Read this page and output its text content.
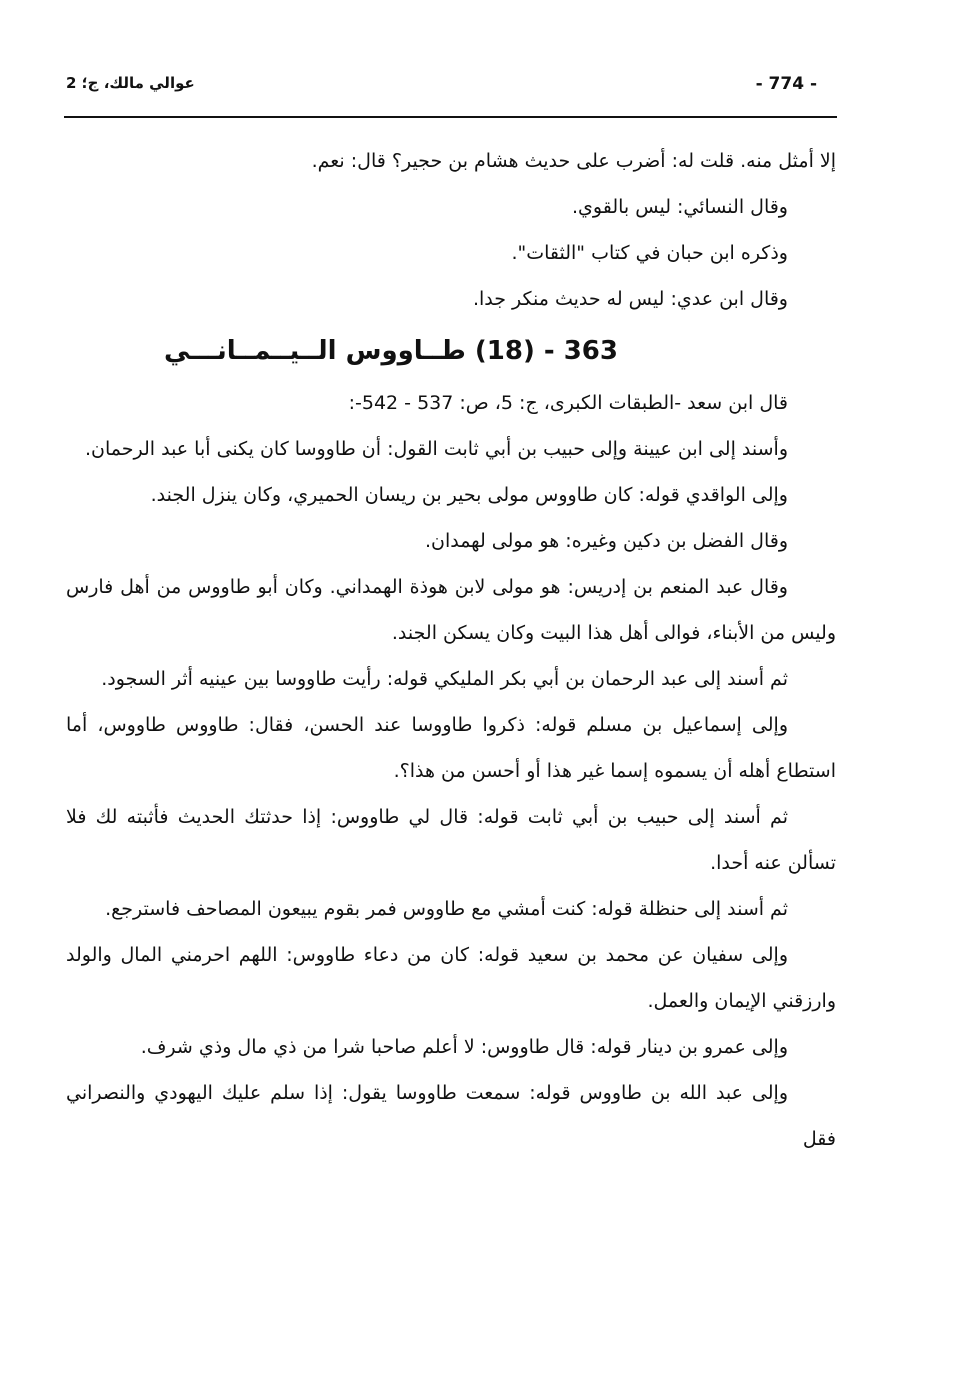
- 774 -
عوالي مالك، ج؛ 2

إلا أمثل منه. قلت له: أضرب على حديث هشام بن حجير؟ قال: نعم.

وقال النسائي: ليس بالقوي.

وذكره ابن حبان في كتاب "الثقات".

وقال ابن عدي: ليس له حديث منكر جدا.

363 - (18) طــاووس الــيــمــانـــي

قال ابن سعد -الطبقات الكبرى، ج: 5، ص: 537 - 542-:

وأسند إلى ابن عيينة وإلى حبيب بن أبي ثابت القول: أن طاووسا كان يكنى أبا عبد الرحمان.

وإلى الواقدي قوله: كان طاووس مولى بحير بن ريسان الحميري، وكان ينزل الجند.

وقال الفضل بن دكين وغيره: هو مولى لهمدان.

وقال عبد المنعم بن إدريس: هو مولى لابن هوذة الهمداني. وكان أبو طاووس من أهل فارس وليس من الأبناء، فوالى أهل هذا البيت وكان يسكن الجند.

ثم أسند إلى عبد الرحمان بن أبي بكر المليكي قوله: رأيت طاووسا بين عينيه أثر السجود.

وإلى إسماعيل بن مسلم قوله: ذكروا طاووسا عند الحسن، فقال: طاووس طاووس، أما استطاع أهله أن يسموه إسما غير هذا أو أحسن من هذا؟.

ثم أسند إلى حبيب بن أبي ثابت قوله: قال لي طاووس: إذا حدثتك الحديث فأثبته لك فلا تسألن عنه أحدا.

ثم أسند إلى حنظلة قوله: كنت أمشي مع طاووس فمر بقوم يبيعون المصاحف فاسترجع.

وإلى سفيان عن محمد بن سعيد قوله: كان من دعاء طاووس: اللهم احرمني المال والولد وارزقني الإيمان والعمل.

وإلى عمرو بن دينار قوله: قال طاووس: لا أعلم صاحبا شرا من ذي مال وذي شرف.

وإلى عبد الله بن طاووس قوله: سمعت طاووسا يقول: إذا سلم عليك اليهودي والنصراني فقل
